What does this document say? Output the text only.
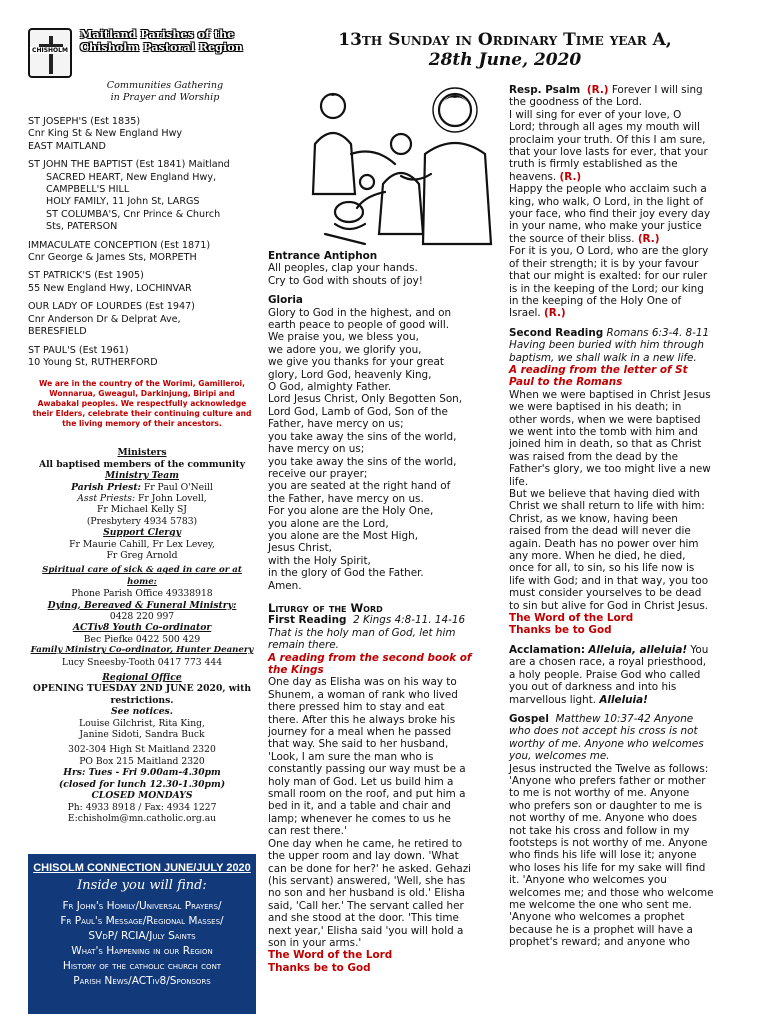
CHISHOLM
Maitland Parishes of the
Chisholm Pastoral Region
Communities Gathering
in Prayer and Worship
ST JOSEPH'S (Est 1835)
Cnr King St & New England Hwy
EAST MAITLAND
ST JOHN THE BAPTIST (Est 1841) Maitland
SACRED HEART, New England Hwy,
CAMPBELL'S HILL
HOLY FAMILY, 11 John St, LARGS
ST COLUMBA'S, Cnr Prince & Church
Sts, PATERSON
IMMACULATE CONCEPTION (Est 1871)
Cnr George & James Sts, MORPETH
ST PATRICK'S (Est 1905)
55 New England Hwy, LOCHINVAR
OUR LADY OF LOURDES (Est 1947)
Cnr Anderson Dr & Delprat Ave,
BERESFIELD
ST PAUL'S (Est 1961)
10 Young St, RUTHERFORD
We are in the country of the Worimi, Gamilleroi, Wonnarua, Gweagul, Darkinjung, Biripi and Awabakal peoples. We respectfully acknowledge their Elders, celebrate their continuing culture and the living memory of their ancestors.
Ministers
All baptised members of the community
Ministry Team
Parish Priest: Fr Paul O'Neill
Asst Priests: Fr John Lovell,
Fr Michael Kelly SJ
(Presbytery 4934 5783)
Support Clergy
Fr Maurie Cahill, Fr Lex Levey,
Fr Greg Arnold
Spiritual care of sick & aged in care or at home:
Phone Parish Office 49338918
Dying, Bereaved & Funeral Ministry:
0428 220 997
ACTiv8 Youth Co-ordinator
Bec Piefke 0422 500 429
Family Ministry Co-ordinator, Hunter Deanery
Lucy Sneesby-Tooth 0417 773 444
Regional Office
OPENING TUESDAY 2ND JUNE 2020, with restrictions.
See notices.
Louise Gilchrist, Rita King,
Janine Sidoti, Sandra Buck
302-304 High St Maitland 2320
PO Box 215 Maitland 2320
Hrs: Tues - Fri 9.00am-4.30pm
(closed for lunch 12.30-1.30pm)
CLOSED MONDAYS
Ph: 4933 8918 / Fax: 4934 1227
E:chisholm@mn.catholic.org.au
CHISOLM CONNECTION JUNE/JULY 2020
Inside you will find:
Fr John's Homily/Universal Prayers/
Fr Paul's Message/Regional Masses/
SVdP/ RCIA/July Saints
What's Happening in our Region
History of the catholic church cont
Parish News/ACTiv8/Sponsors
13th Sunday in Ordinary Time year A,
28th June, 2020
Entrance Antiphon
All peoples, clap your hands.
Cry to God with shouts of joy!
Gloria
Glory to God in the highest, and on
earth peace to people of good will.
We praise you, we bless you,
we adore you, we glorify you,
we give you thanks for your great
glory, Lord God, heavenly King,
O God, almighty Father.
Lord Jesus Christ, Only Begotten Son,
Lord God, Lamb of God, Son of the
Father, have mercy on us;
you take away the sins of the world,
have mercy on us;
you take away the sins of the world,
receive our prayer;
you are seated at the right hand of
the Father, have mercy on us.
For you alone are the Holy One,
you alone are the Lord,
you alone are the Most High,
Jesus Christ,
with the Holy Spirit,
in the glory of God the Father.
Amen.
Liturgy of the Word
First Reading 2 Kings 4:8-11. 14-16
That is the holy man of God, let him
remain there.
A reading from the second book of
the Kings
One day as Elisha was on his way to
Shunem, a woman of rank who lived
there pressed him to stay and eat
there. After this he always broke his
journey for a meal when he passed
that way. She said to her husband,
'Look, I am sure the man who is
constantly passing our way must be a
holy man of God. Let us build him a
small room on the roof, and put him a
bed in it, and a table and chair and
lamp; whenever he comes to us he
can rest there.'
One day when he came, he retired to
the upper room and lay down. 'What
can be done for her?' he asked. Gehazi
(his servant) answered, 'Well, she has
no son and her husband is old.' Elisha
said, 'Call her.' The servant called her
and she stood at the door. 'This time
next year,' Elisha said 'you will hold a
son in your arms.'
The Word of the Lord
Thanks be to God
Resp. Psalm (R.) Forever I will sing
the goodness of the Lord.
I will sing for ever of your love, O
Lord; through all ages my mouth will
proclaim your truth. Of this I am sure,
that your love lasts for ever, that your
truth is firmly established as the
heavens. (R.)
Happy the people who acclaim such a
king, who walk, O Lord, in the light of
your face, who find their joy every day
in your name, who make your justice
the source of their bliss. (R.)
For it is you, O Lord, who are the glory
of their strength; it is by your favour
that our might is exalted: for our ruler
is in the keeping of the Lord; our king
in the keeping of the Holy One of
Israel. (R.)
Second Reading Romans 6:3-4. 8-11
Having been buried with him through
baptism, we shall walk in a new life.
A reading from the letter of St
Paul to the Romans
When we were baptised in Christ Jesus
we were baptised in his death; in
other words, when we were baptised
we went into the tomb with him and
joined him in death, so that as Christ
was raised from the dead by the
Father's glory, we too might live a new
life.
But we believe that having died with
Christ we shall return to life with him:
Christ, as we know, having been
raised from the dead will never die
again. Death has no power over him
any more. When he died, he died,
once for all, to sin, so his life now is
life with God; and in that way, you too
must consider yourselves to be dead
to sin but alive for God in Christ Jesus.
The Word of the Lord
Thanks be to God
Acclamation: Alleluia, alleluia! You
are a chosen race, a royal priesthood,
a holy people. Praise God who called
you out of darkness and into his
marvellous light. Alleluia!
Gospel Matthew 10:37-42 Anyone
who does not accept his cross is not
worthy of me. Anyone who welcomes
you, welcomes me.
Jesus instructed the Twelve as follows:
'Anyone who prefers father or mother
to me is not worthy of me. Anyone
who prefers son or daughter to me is
not worthy of me. Anyone who does
not take his cross and follow in my
footsteps is not worthy of me. Anyone
who finds his life will lose it; anyone
who loses his life for my sake will find
it. 'Anyone who welcomes you
welcomes me; and those who welcome
me welcome the one who sent me.
'Anyone who welcomes a prophet
because he is a prophet will have a
prophet's reward; and anyone who
